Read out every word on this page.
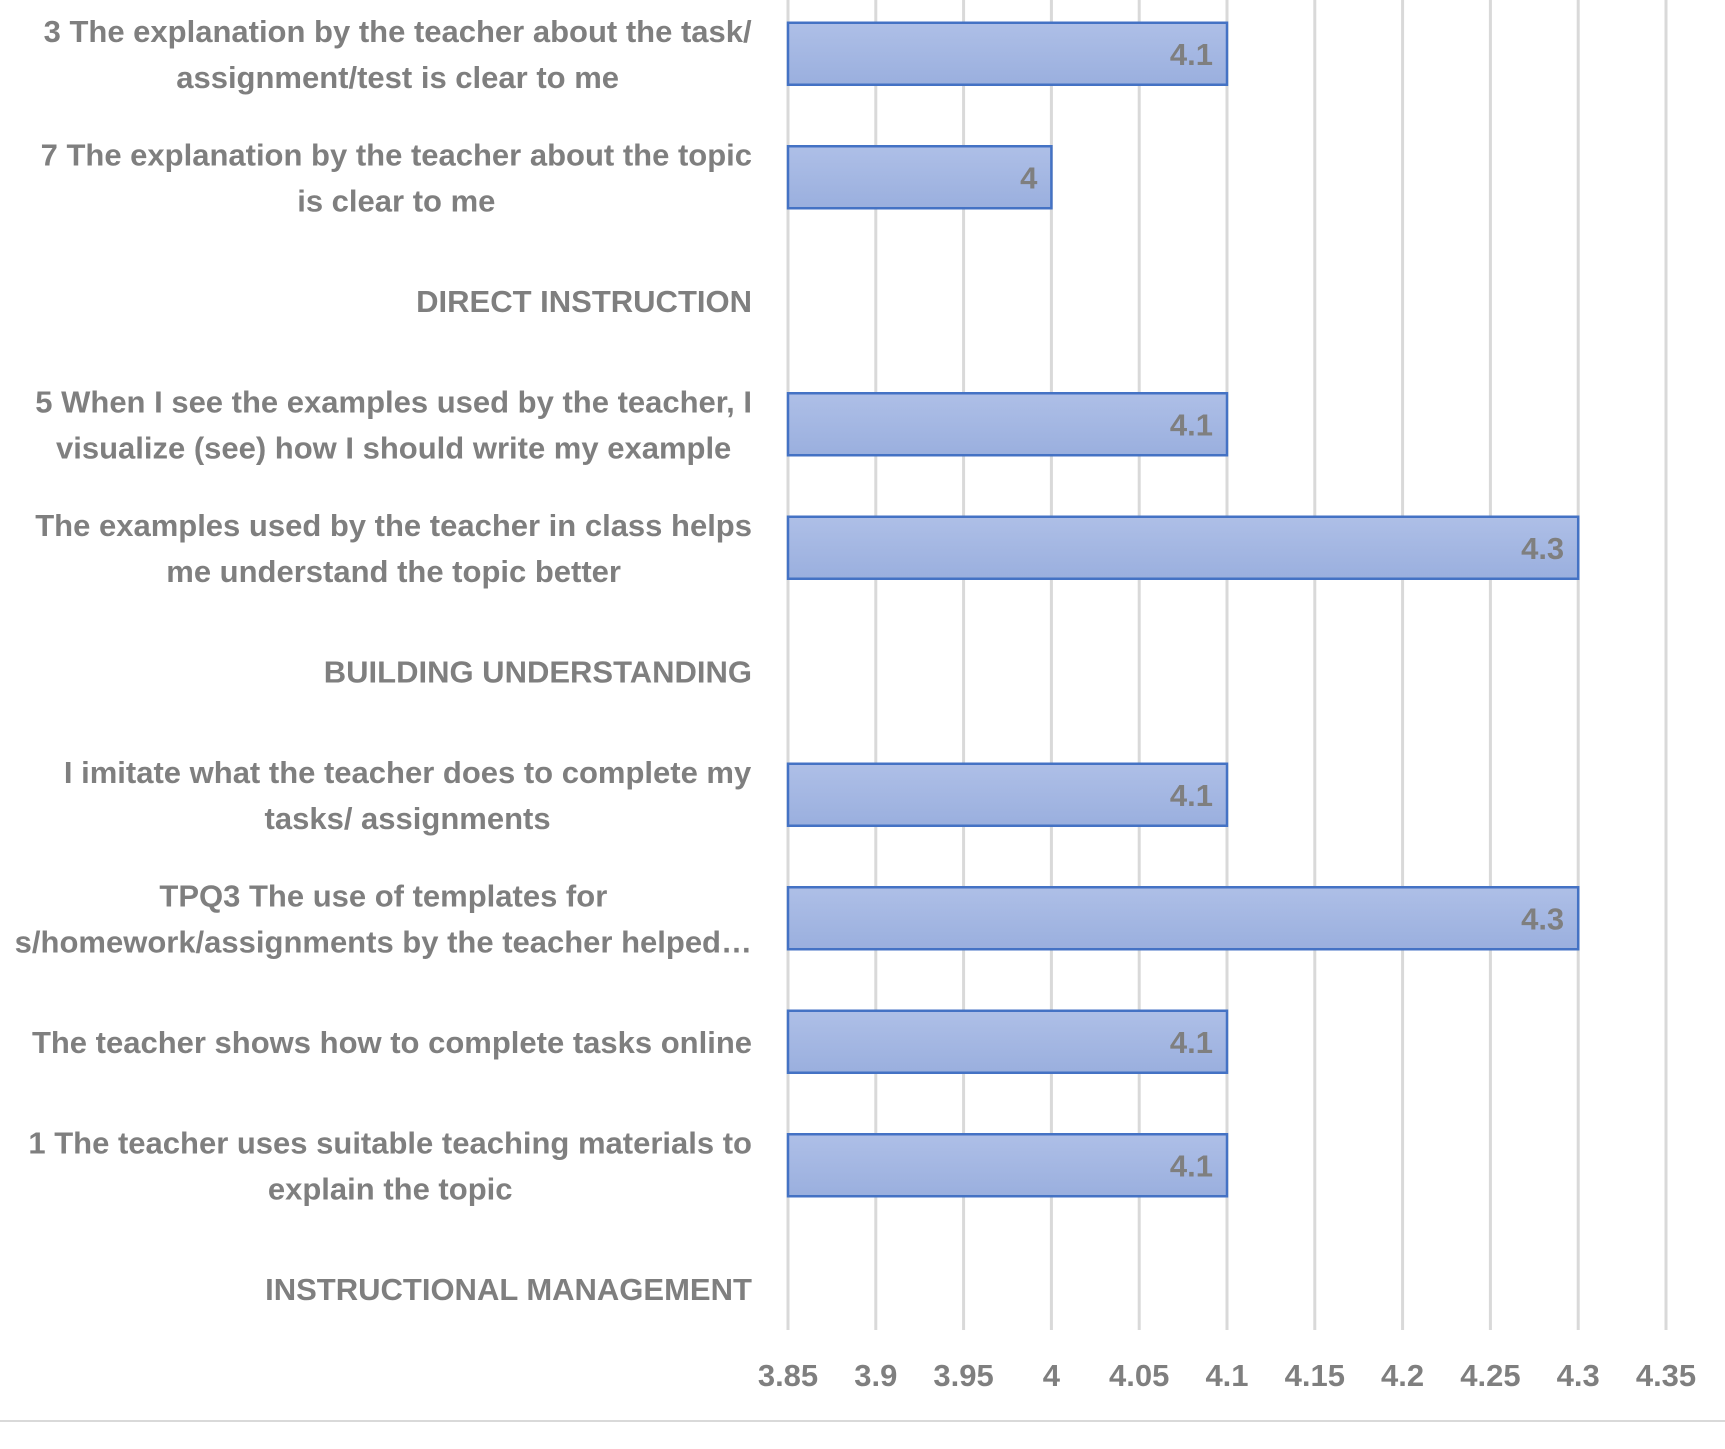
4.1
4
4.1
4.3
4.1
4.3
4.1
4.1
3 The explanation by the teacher about the task/ assignment/test is clear to me
7 The explanation by the teacher about the topic is clear to me
DIRECT INSTRUCTION
5 When I see the examples used by the teacher, I visualize (see) how I should write my example
The examples used by the teacher in class helps me understand the topic better
BUILDING UNDERSTANDING
I imitate what the teacher does to complete my tasks/ assignments
TPQ3 The use of templates for s/homework/assignments by the teacher helped…
The teacher shows how to complete tasks online
1 The teacher uses suitable teaching materials to explain the topic
INSTRUCTIONAL MANAGEMENT
3.85 3.9 3.95 4 4.05 4.1 4.15 4.2 4.25 4.3 4.35
